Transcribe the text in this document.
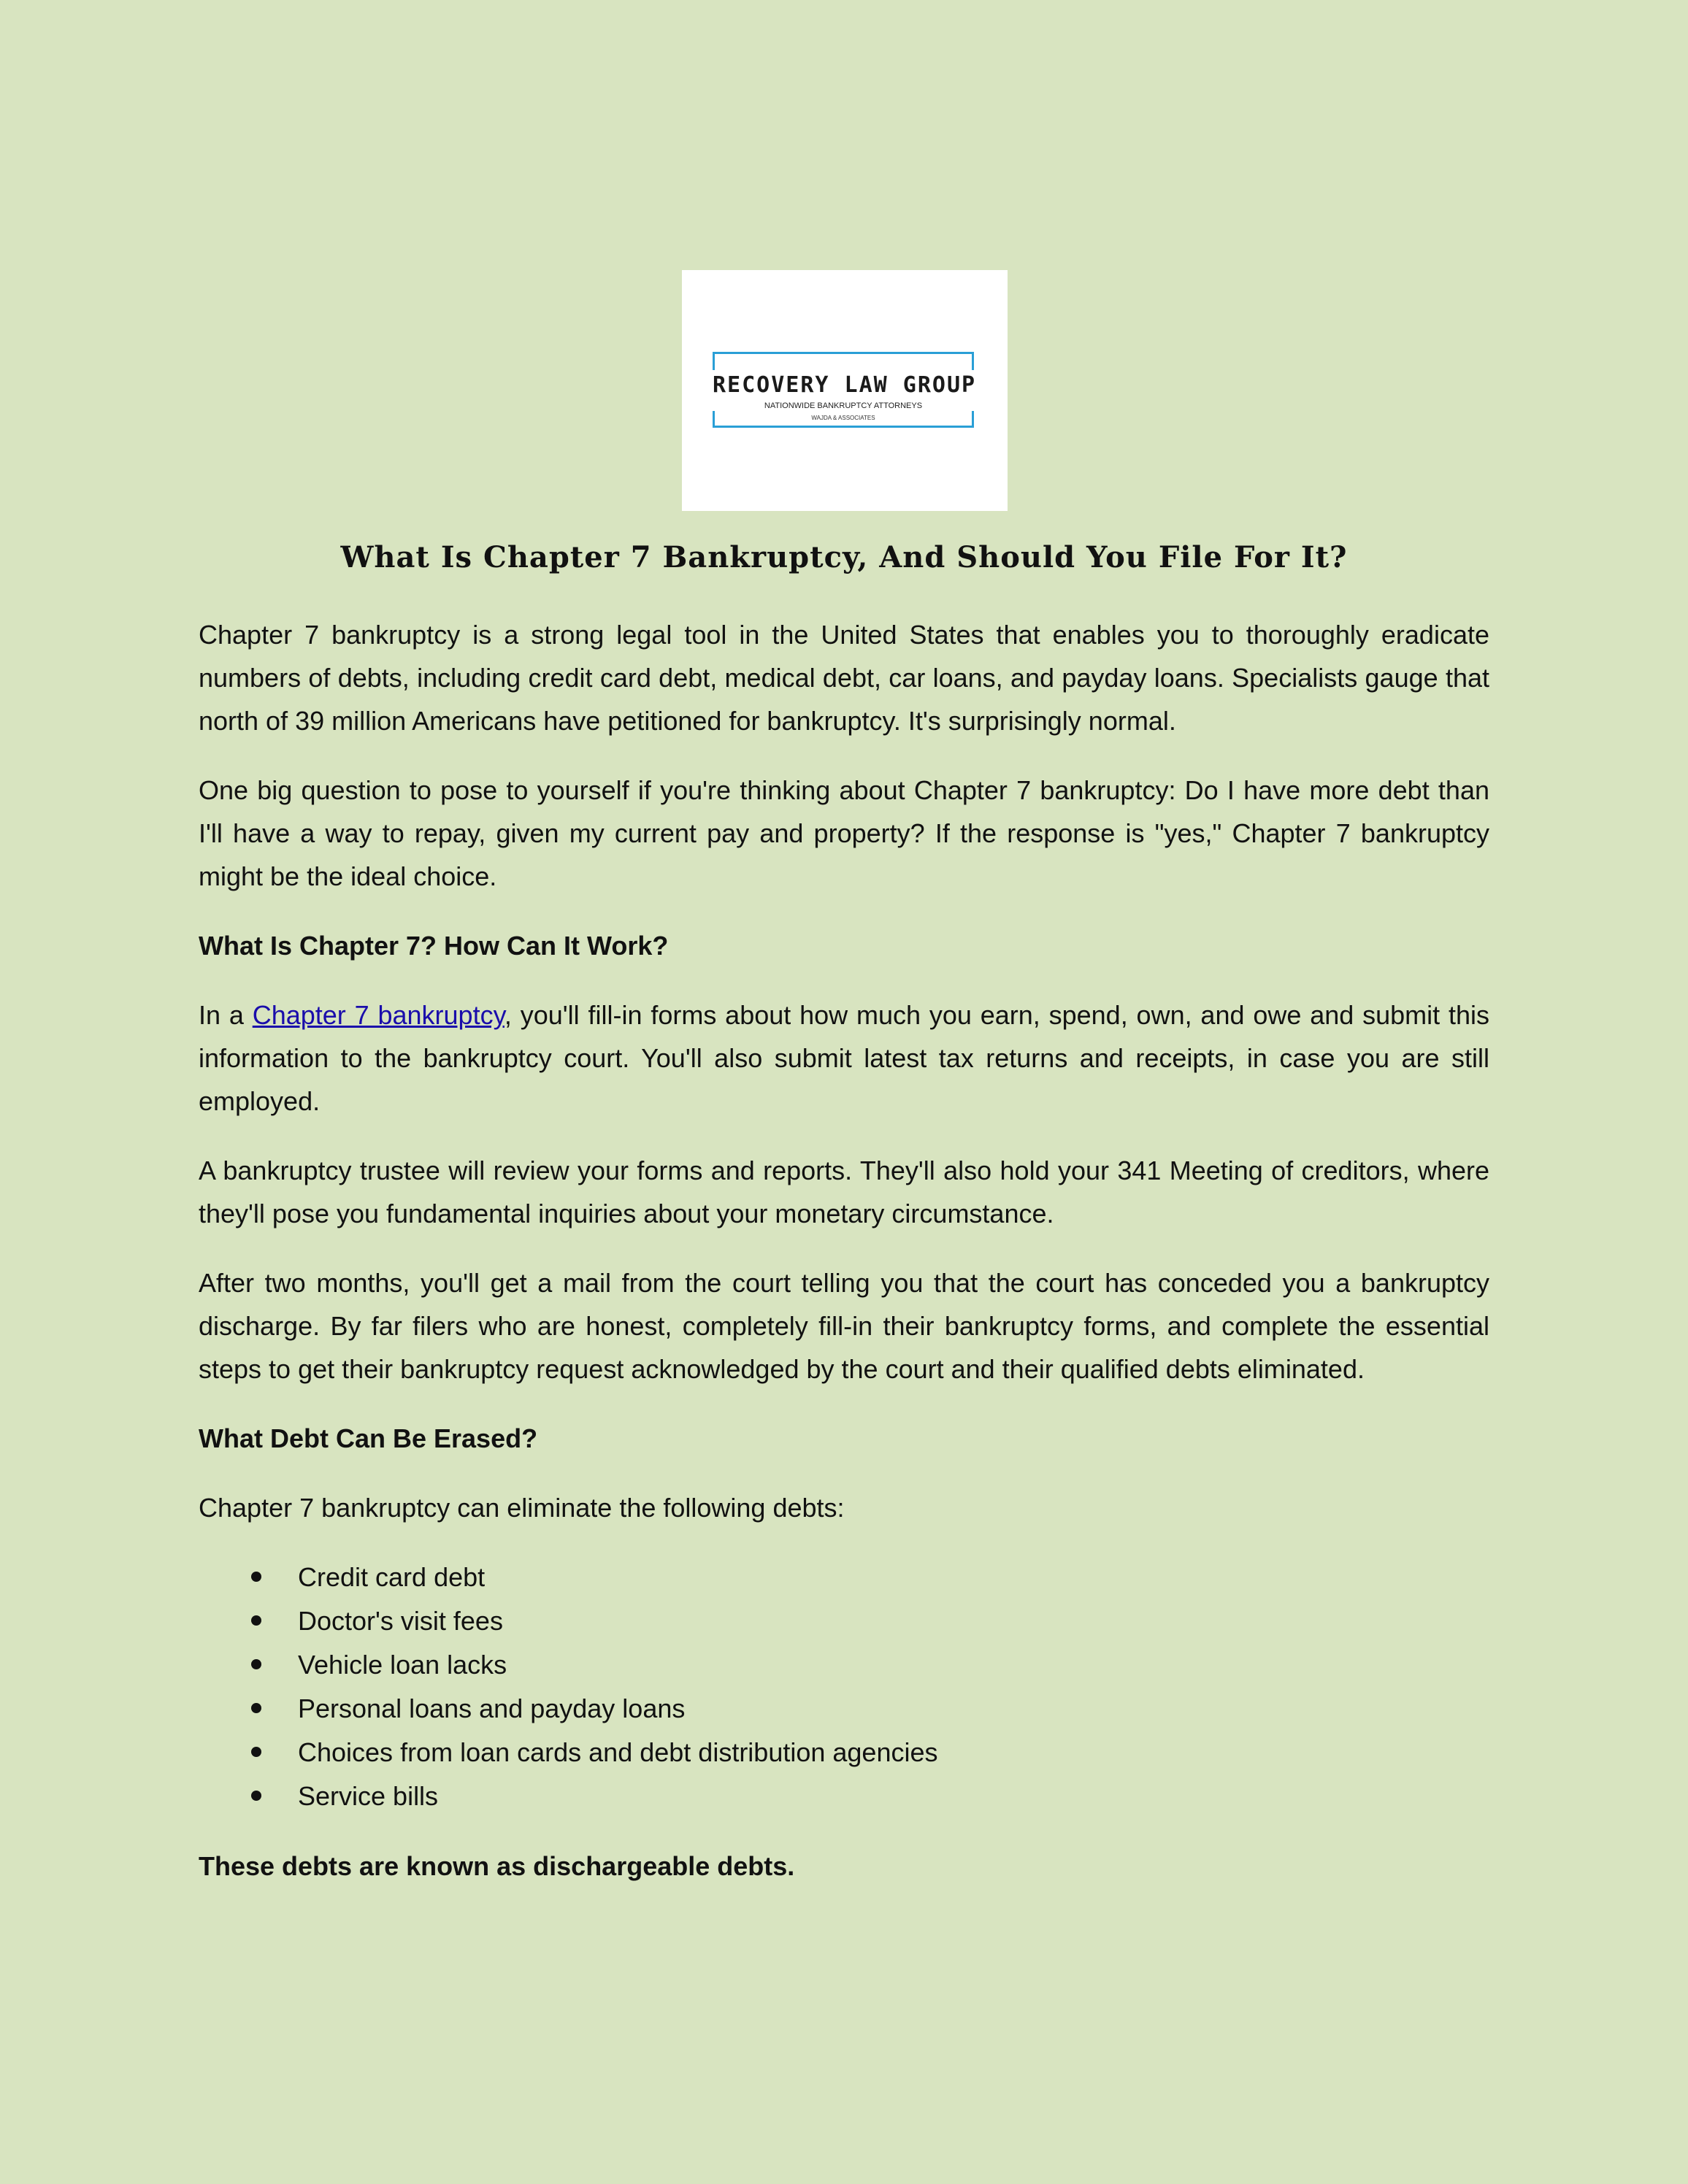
RECOVERY LAW GROUP
NATIONWIDE BANKRUPTCY ATTORNEYS
WAJDA & ASSOCIATES
What Is Chapter 7 Bankruptcy, And Should You File For It?

Chapter 7 bankruptcy is a strong legal tool in the United States that enables you to thoroughly eradicate numbers of debts, including credit card debt, medical debt, car loans, and payday loans. Specialists gauge that north of 39 million Americans have petitioned for bankruptcy. It's surprisingly normal.

One big question to pose to yourself if you're thinking about Chapter 7 bankruptcy: Do I have more debt than I'll have a way to repay, given my current pay and property? If the response is "yes," Chapter 7 bankruptcy might be the ideal choice.

What Is Chapter 7? How Can It Work?

In a Chapter 7 bankruptcy, you'll fill-in forms about how much you earn, spend, own, and owe and submit this information to the bankruptcy court. You'll also submit latest tax returns and receipts, in case you are still employed.

A bankruptcy trustee will review your forms and reports. They'll also hold your 341 Meeting of creditors, where they'll pose you fundamental inquiries about your monetary circumstance.

After two months, you'll get a mail from the court telling you that the court has conceded you a bankruptcy discharge. By far filers who are honest, completely fill-in their bankruptcy forms, and complete the essential steps to get their bankruptcy request acknowledged by the court and their qualified debts eliminated.

What Debt Can Be Erased?

Chapter 7 bankruptcy can eliminate the following debts:

Credit card debt
Doctor's visit fees
Vehicle loan lacks
Personal loans and payday loans
Choices from loan cards and debt distribution agencies
Service bills

These debts are known as dischargeable debts.
